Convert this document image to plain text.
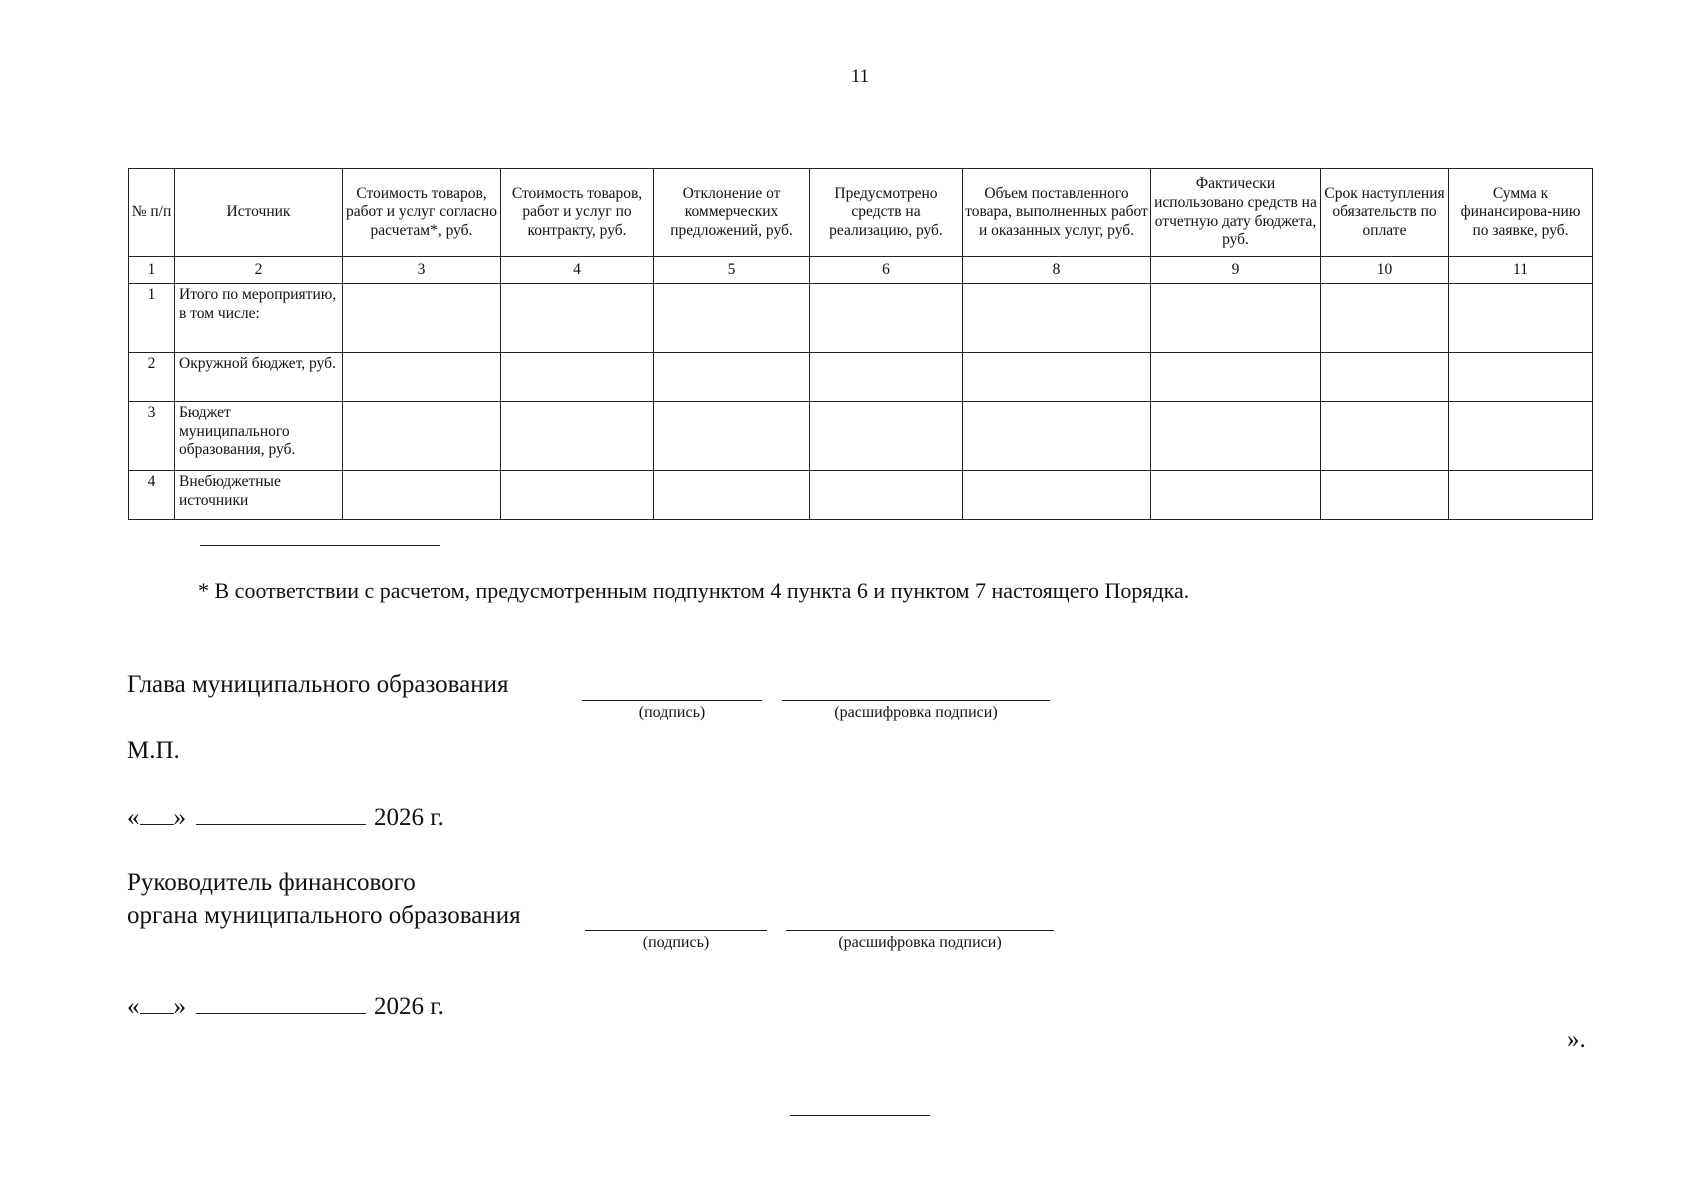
11
№ п/п	Источник	Стоимость товаров, работ и услуг согласно расчетам*, руб.	Стоимость товаров, работ и услуг по контракту, руб.	Отклонение от коммерческих предложений, руб.	Предусмотрено средств на реализацию, руб.	Объем поставленного товара, выполненных работ и оказанных услуг, руб.	Фактически использовано средств на отчетную дату бюджета, руб.	Срок наступления обязательств по оплате	Сумма к финансирова-нию по заявке, руб.
1	2	3	4	5	6	8	9	10	11
1	Итого по мероприятию, в том числе:								
2	Окружной бюджет, руб.								
3	Бюджет муниципального образования, руб.								
4	Внебюджетные источники								
* В соответствии с расчетом, предусмотренным подпунктом 4 пункта 6 и пунктом 7 настоящего Порядка.
Глава муниципального образования
(подпись)	(расшифровка подписи)
М.П.
« »	2026 г.
Руководитель финансового
органа муниципального образования
(подпись)	(расшифровка подписи)
« »	2026 г.
».
